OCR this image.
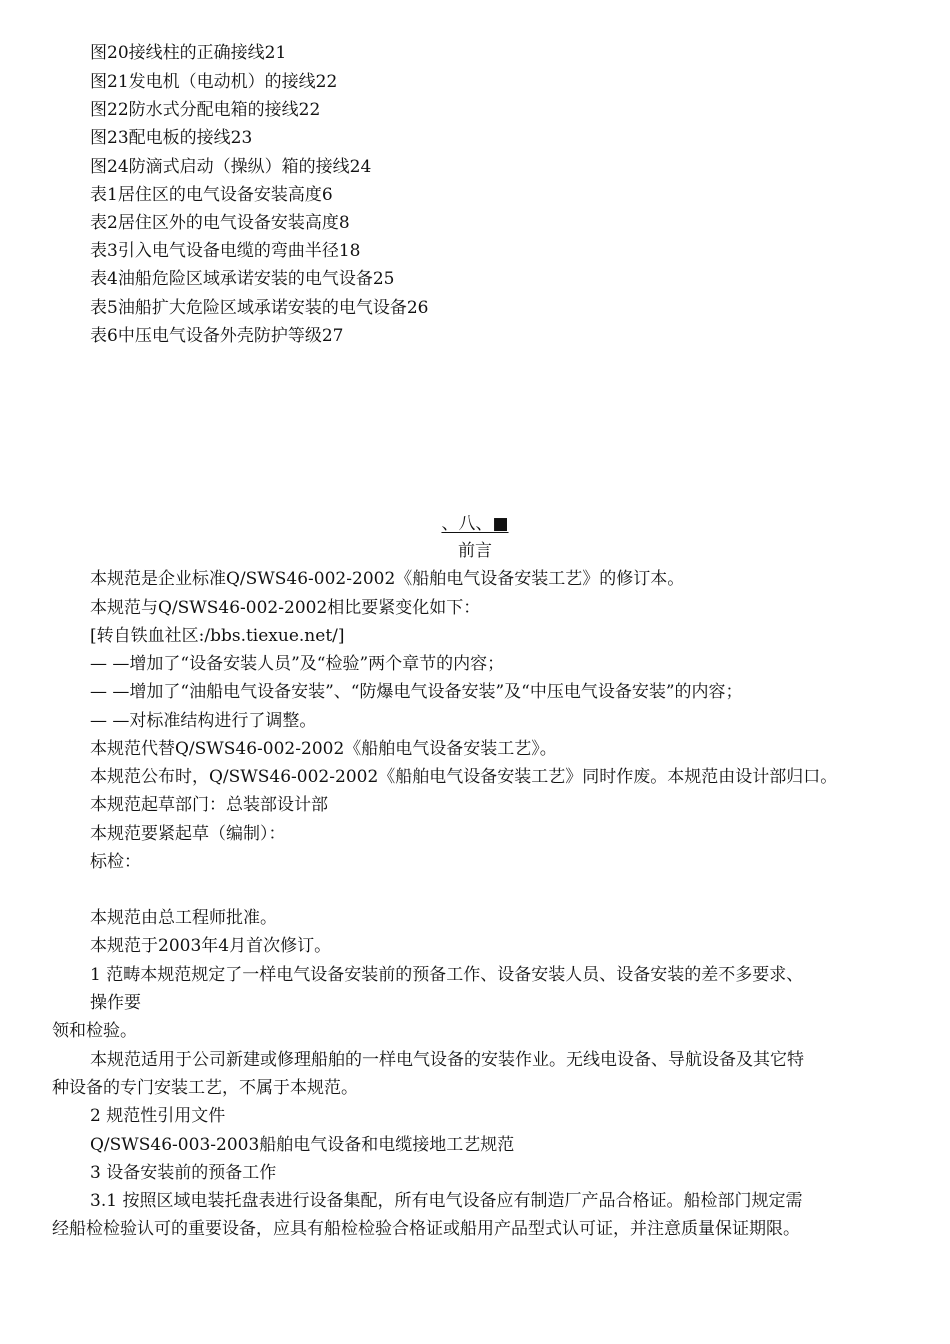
图20接线柱的正确接线21
图21发电机（电动机）的接线22
图22防水式分配电箱的接线22
图23配电板的接线23
图24防滴式启动（操纵）箱的接线24
表1居住区的电气设备安装高度6
表2居住区外的电气设备安装高度8
表3引入电气设备电缆的弯曲半径18
表4油船危险区域承诺安装的电气设备25
表5油船扩大危险区域承诺安装的电气设备26
表6中压电气设备外壳防护等级27
、八、■
前言
本规范是企业标准Q/SWS46-002-2002《船舶电气设备安装工艺》的修订本。
本规范与Q/SWS46-002-2002相比要紧变化如下：
[转自铁血社区:/bbs.tiexue.net/]
— —增加了“设备安装人员”及“检验”两个章节的内容；
— —增加了“油船电气设备安装”、“防爆电气设备安装”及“中压电气设备安装”的内容；
— —对标准结构进行了调整。
本规范代替Q/SWS46-002-2002《船舶电气设备安装工艺》。
本规范公布时，Q/SWS46-002-2002《船舶电气设备安装工艺》同时作废。本规范由设计部归口。
本规范起草部门：总装部设计部
本规范要紧起草（编制）：
标检：
本规范由总工程师批准。
本规范于2003年4月首次修订。
1 范畴本规范规定了一样电气设备安装前的预备工作、设备安装人员、设备安装的差不多要求、
操作要
领和检验。
本规范适用于公司新建或修理船舶的一样电气设备的安装作业。无线电设备、导航设备及其它特
种设备的专门安装工艺，不属于本规范。
2 规范性引用文件
Q/SWS46-003-2003船舶电气设备和电缆接地工艺规范
3 设备安装前的预备工作
3.1 按照区域电装托盘表进行设备集配，所有电气设备应有制造厂产品合格证。船检部门规定需
经船检检验认可的重要设备，应具有船检检验合格证或船用产品型式认可证，并注意质量保证期限。
